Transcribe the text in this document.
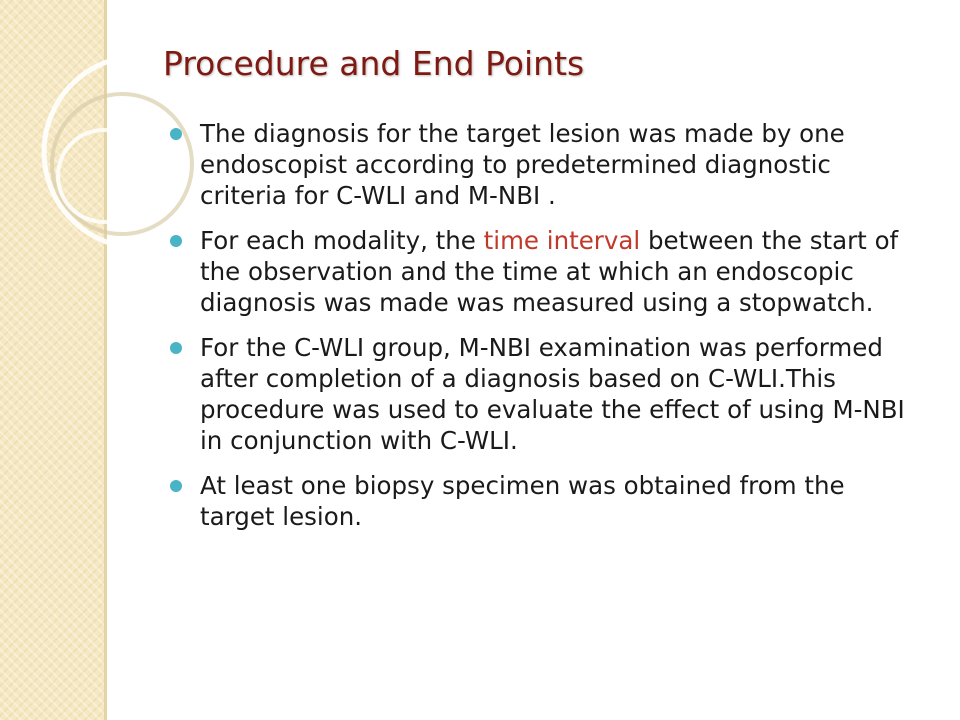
Procedure and End Points
The diagnosis for the target lesion was made by one endoscopist according to predetermined diagnostic criteria for C-WLI and M-NBI .
For each modality, the time interval between the start of the observation and the time at which an endoscopic diagnosis was made was measured using a stopwatch.
For the C-WLI group, M-NBI examination was performed after completion of a diagnosis based on C-WLI.This procedure was used to evaluate the effect of using M-NBI in conjunction with C-WLI.
At least one biopsy specimen was obtained from the target lesion.
